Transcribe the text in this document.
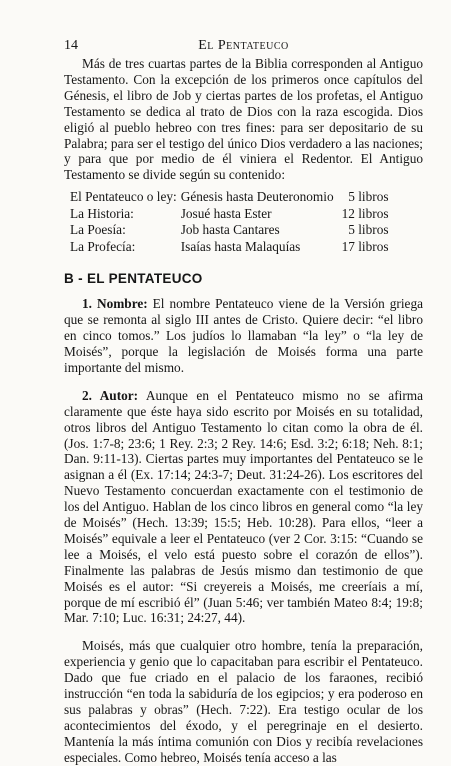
14	El Pentateuco

Más de tres cuartas partes de la Biblia corresponden al Antiguo Testamento. Con la excepción de los primeros once capítulos del Génesis, el libro de Job y ciertas partes de los profetas, el Antiguo Testamento se dedica al trato de Dios con la raza escogida. Dios eligió al pueblo hebreo con tres fines: para ser depositario de su Palabra; para ser el testigo del único Dios verdadero a las naciones; y para que por medio de él viniera el Redentor. El Antiguo Testamento se divide según su contenido:

El Pentateuco o ley:	Génesis hasta Deuteronomio	5 libros
La Historia:	Josué hasta Ester	12 libros
La Poesía:	Job hasta Cantares	5 libros
La Profecía:	Isaías hasta Malaquías	17 libros
B - EL PENTATEUCO

1. Nombre: El nombre Pentateuco viene de la Versión griega que se remonta al siglo III antes de Cristo. Quiere decir: “el libro en cinco tomos.” Los judíos lo llamaban “la ley” o “la ley de Moisés”, porque la legislación de Moisés forma una parte importante del mismo.

2. Autor: Aunque en el Pentateuco mismo no se afirma claramente que éste haya sido escrito por Moisés en su totalidad, otros libros del Antiguo Testamento lo citan como la obra de él. (Jos. 1:7-8; 23:6; 1 Rey. 2:3; 2 Rey. 14:6; Esd. 3:2; 6:18; Neh. 8:1; Dan. 9:11-13). Ciertas partes muy importantes del Pentateuco se le asignan a él (Ex. 17:14; 24:3-7; Deut. 31:24-26). Los escritores del Nuevo Testamento concuerdan exactamente con el testimonio de los del Antiguo. Hablan de los cinco libros en general como “la ley de Moisés” (Hech. 13:39; 15:5; Heb. 10:28). Para ellos, “leer a Moisés” equivale a leer el Pentateuco (ver 2 Cor. 3:15: “Cuando se lee a Moisés, el velo está puesto sobre el corazón de ellos”). Finalmente las palabras de Jesús mismo dan testimonio de que Moisés es el autor: “Si creyereis a Moisés, me creeríais a mí, porque de mí escribió él” (Juan 5:46; ver también Mateo 8:4; 19:8; Mar. 7:10; Luc. 16:31; 24:27, 44).

Moisés, más que cualquier otro hombre, tenía la preparación, experiencia y genio que lo capacitaban para escribir el Pentateuco. Dado que fue criado en el palacio de los faraones, recibió instrucción “en toda la sabiduría de los egipcios; y era poderoso en sus palabras y obras” (Hech. 7:22). Era testigo ocular de los acontecimientos del éxodo, y el peregrinaje en el desierto. Mantenía la más íntima comunión con Dios y recibía revelaciones especiales. Como hebreo, Moisés tenía acceso a las
